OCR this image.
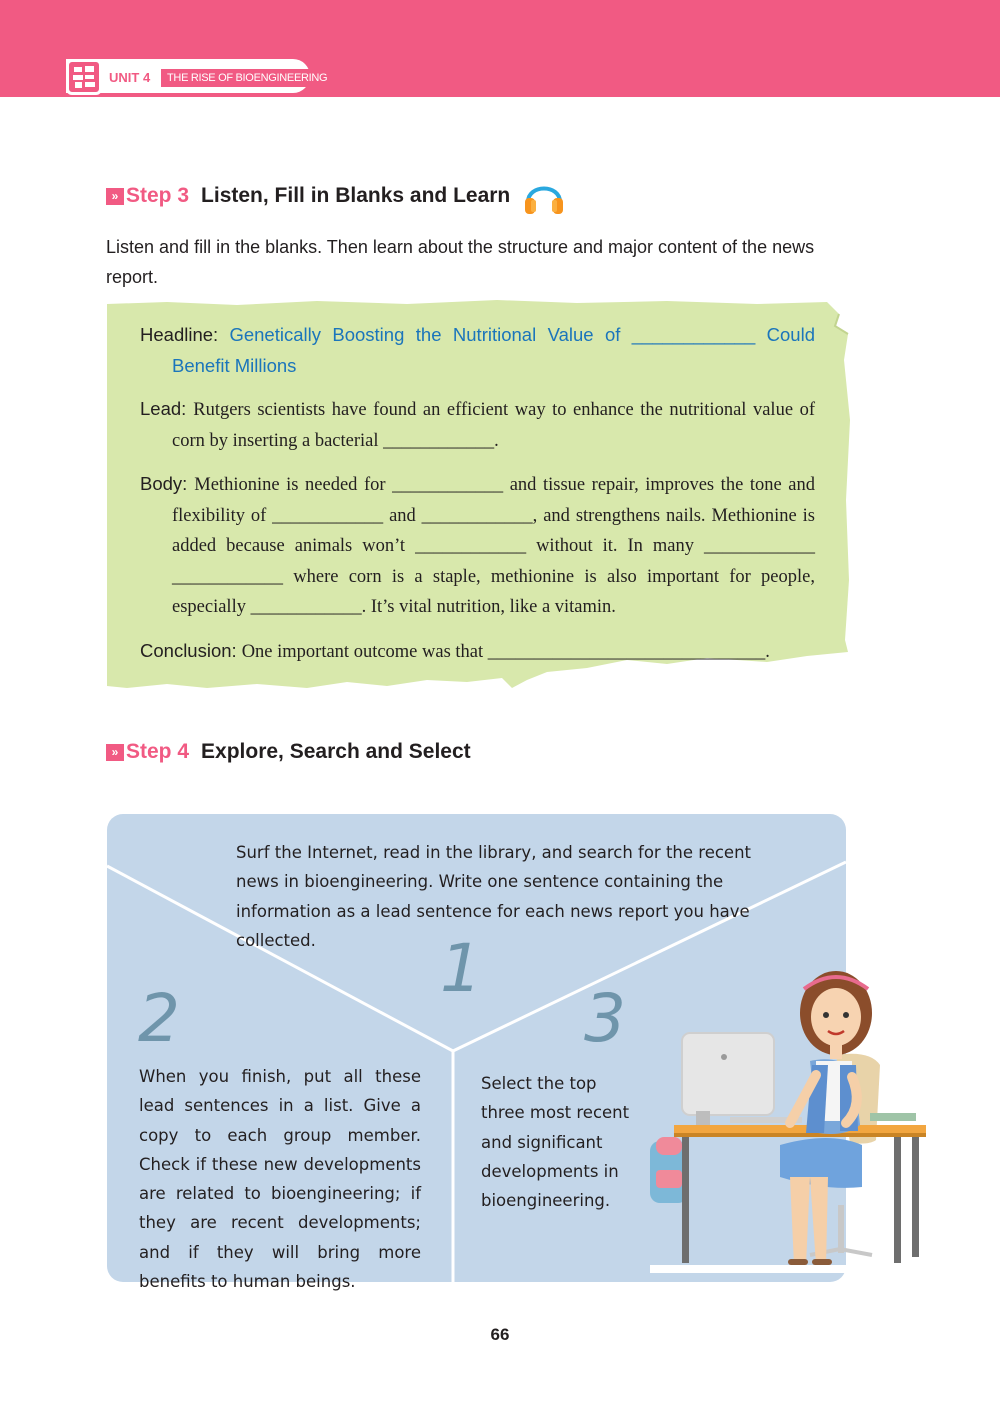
UNIT 4	THE RISE OF BIOENGINEERING
» Step 3 Listen, Fill in Blanks and Learn
Listen and fill in the blanks. Then learn about the structure and major content of the news report.
Headline: Genetically Boosting the Nutritional Value of ____________ Could Benefit Millions
Lead: Rutgers scientists have found an efficient way to enhance the nutritional value of corn by inserting a bacterial ____________.
Body: Methionine is needed for ____________ and tissue repair, improves the tone and flexibility of ____________ and ____________, and strengthens nails. Methionine is added because animals won’t ____________ without it. In many ____________ ____________ where corn is a staple, methionine is also important for people, especially ____________. It’s vital nutrition, like a vitamin.
Conclusion: One important outcome was that ______________________________.
» Step 4 Explore, Search and Select
Surf the Internet, read in the library, and search for the recent news in bioengineering. Write one sentence containing the information as a lead sentence for each news report you have collected.	1
2
When you finish, put all these lead sentences in a list. Give a copy to each group member. Check if these new developments are related to bioengineering; if they are recent developments; and if they will bring more benefits to human beings.
3
Select the top three most recent and significant developments in bioengineering.
66
